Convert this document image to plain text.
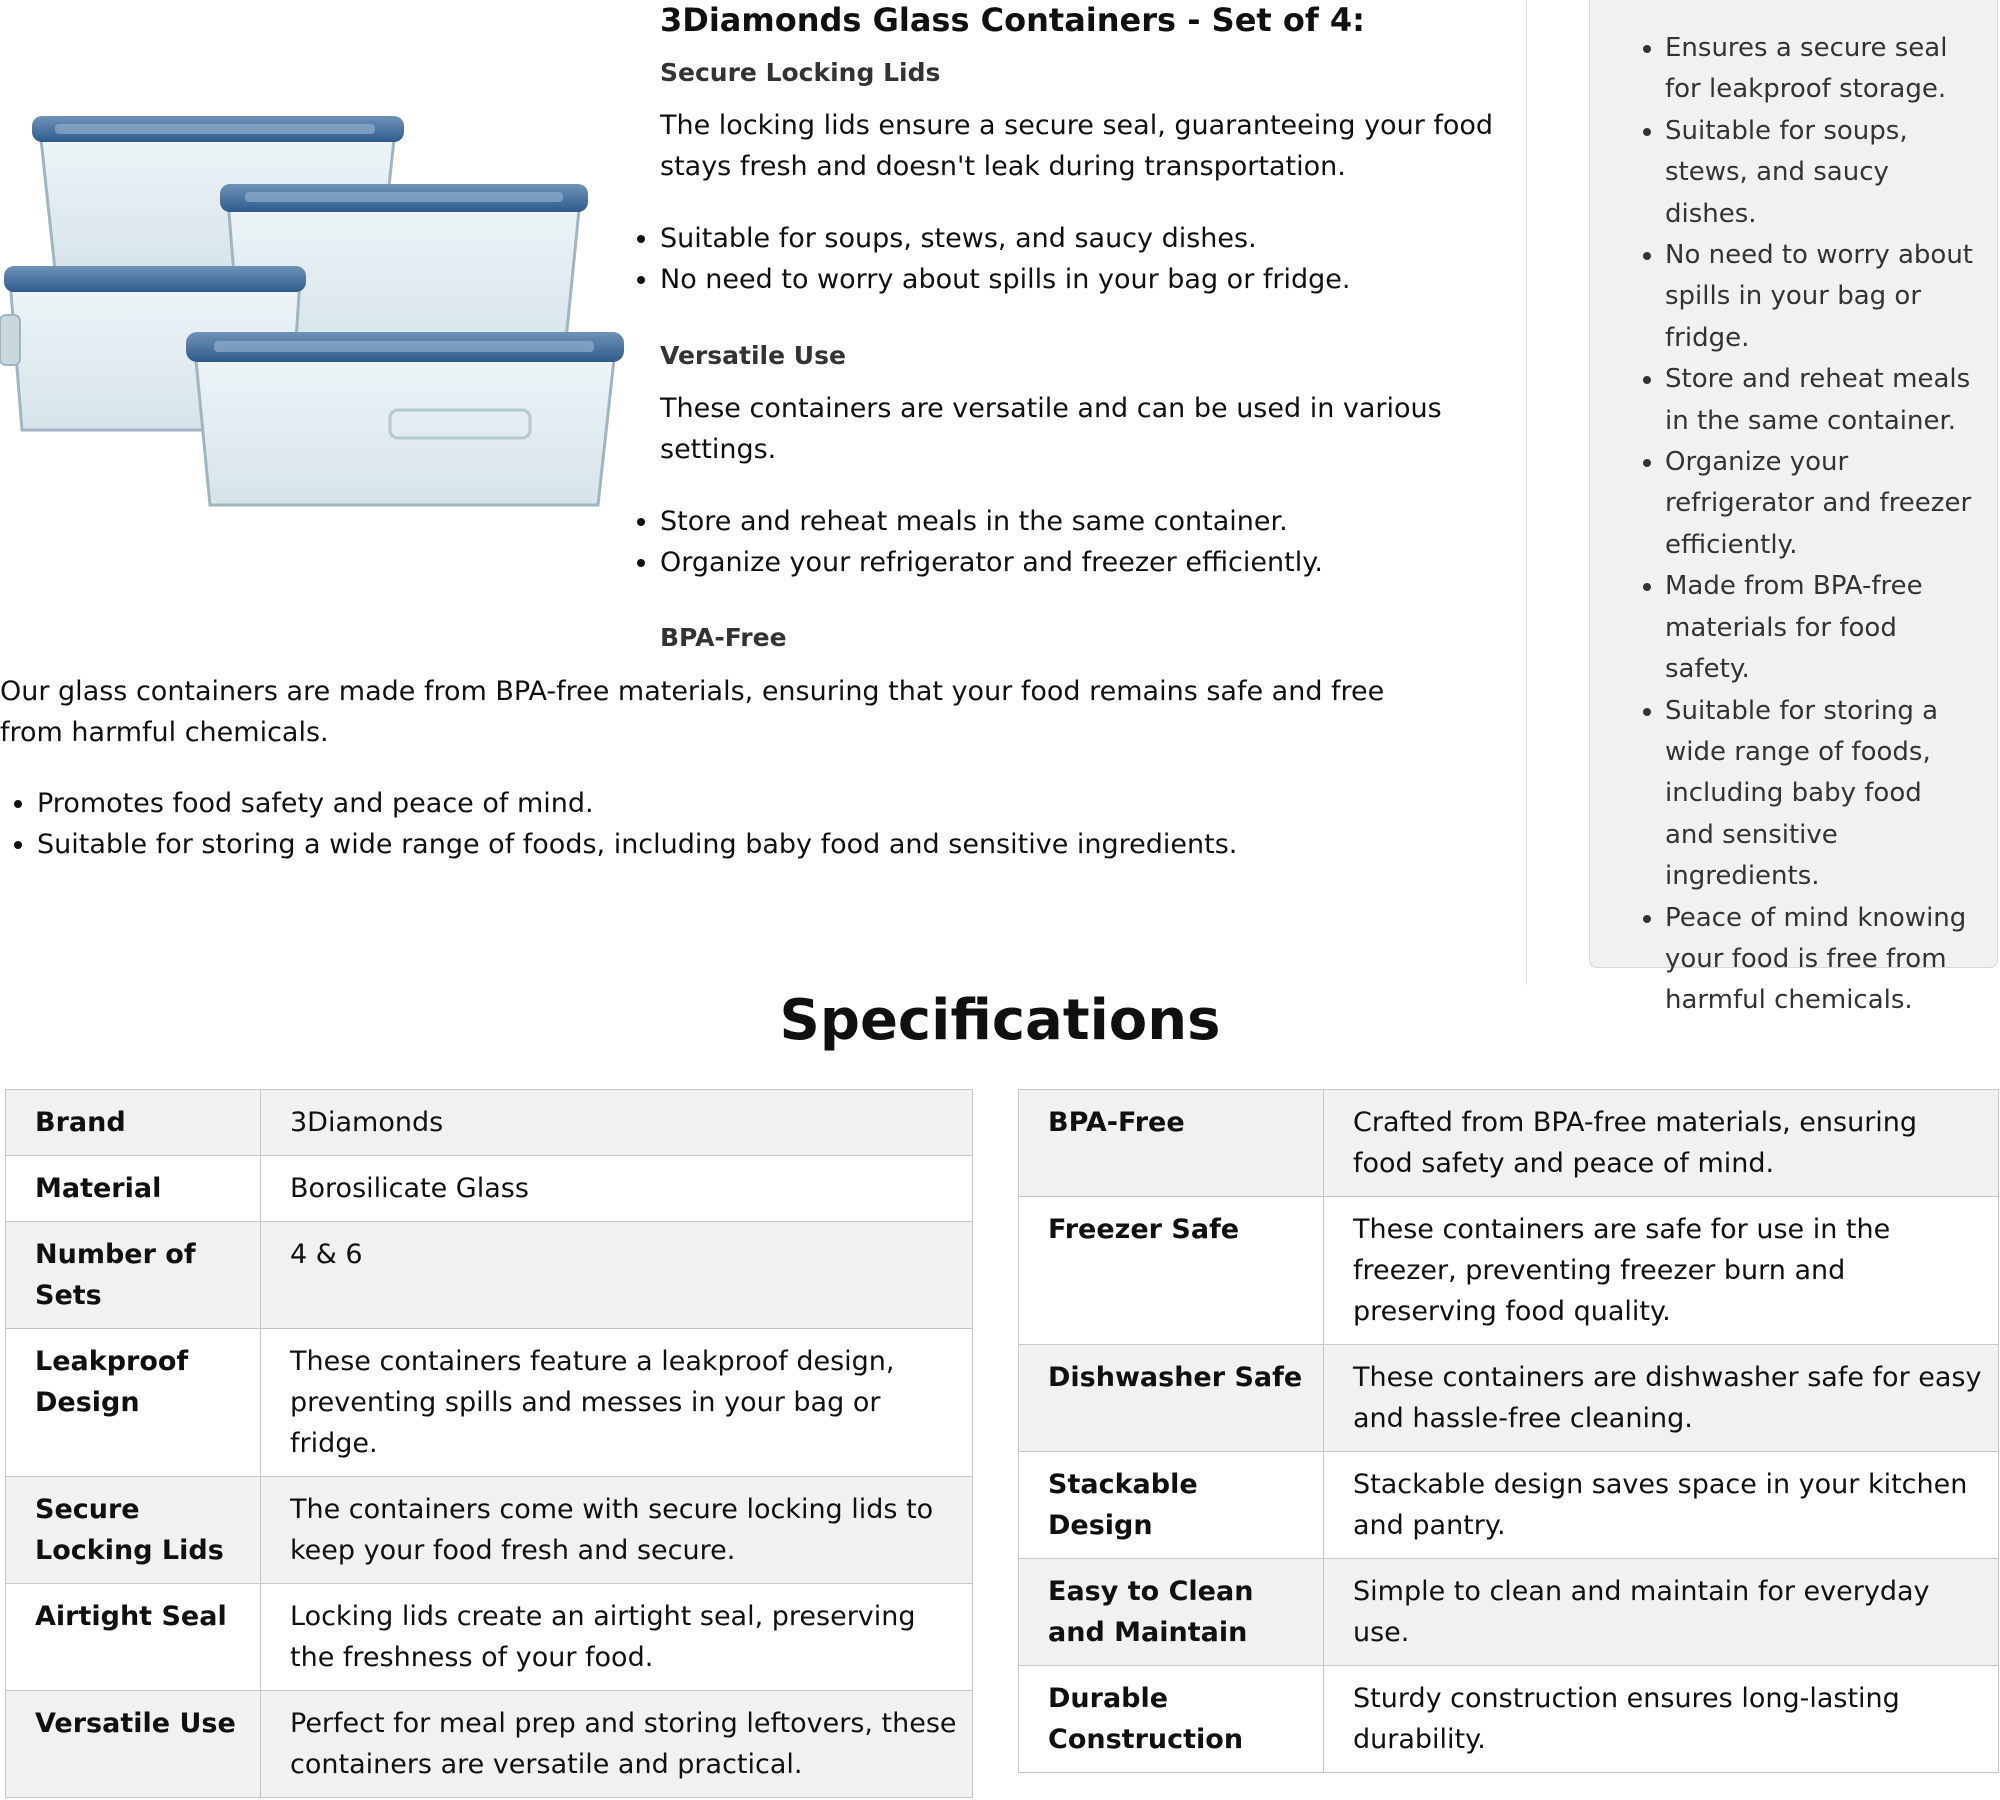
3Diamonds Glass Containers - Set of 4:
Secure Locking Lids
The locking lids ensure a secure seal, guaranteeing your food stays fresh and doesn't leak during transportation.
• Suitable for soups, stews, and saucy dishes.
• No need to worry about spills in your bag or fridge.
Versatile Use
These containers are versatile and can be used in various settings.
• Store and reheat meals in the same container.
• Organize your refrigerator and freezer efficiently.
BPA-Free
Our glass containers are made from BPA-free materials, ensuring that your food remains safe and free from harmful chemicals.
• Promotes food safety and peace of mind.
• Suitable for storing a wide range of foods, including baby food and sensitive ingredients.
• Ensures a secure seal for leakproof storage.
• Suitable for soups, stews, and saucy dishes.
• No need to worry about spills in your bag or fridge.
• Store and reheat meals in the same container.
• Organize your refrigerator and freezer efficiently.
• Made from BPA-free materials for food safety.
• Suitable for storing a wide range of foods, including baby food and sensitive ingredients.
• Peace of mind knowing your food is free from harmful chemicals.
Specifications
Brand	3Diamonds
Material	Borosilicate Glass
Number of Sets	4 & 6
Leakproof Design	These containers feature a leakproof design, preventing spills and messes in your bag or fridge.
Secure Locking Lids	The containers come with secure locking lids to keep your food fresh and secure.
Airtight Seal	Locking lids create an airtight seal, preserving the freshness of your food.
Versatile Use	Perfect for meal prep and storing leftovers, these containers are versatile and practical.
BPA-Free	Crafted from BPA-free materials, ensuring food safety and peace of mind.
Freezer Safe	These containers are safe for use in the freezer, preventing freezer burn and preserving food quality.
Dishwasher Safe	These containers are dishwasher safe for easy and hassle-free cleaning.
Stackable Design	Stackable design saves space in your kitchen and pantry.
Easy to Clean and Maintain	Simple to clean and maintain for everyday use.
Durable Construction	Sturdy construction ensures long-lasting durability.
